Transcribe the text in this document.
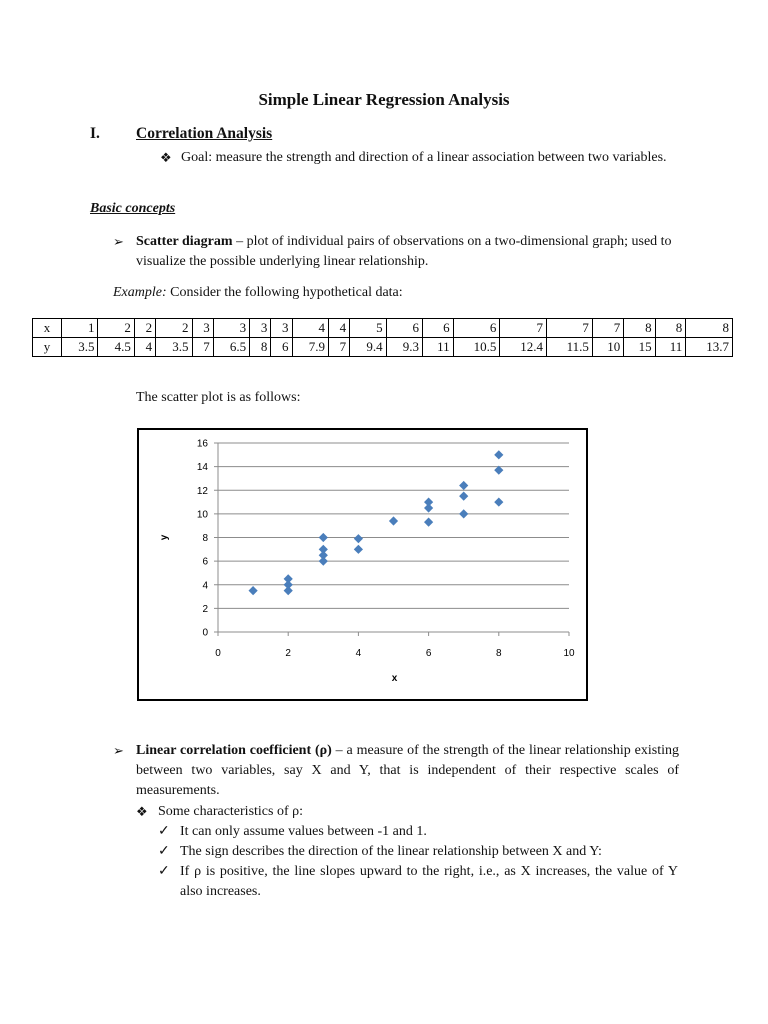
Simple Linear Regression Analysis
I. Correlation Analysis
❖ Goal: measure the strength and direction of a linear association between two variables.
Basic concepts
➢ Scatter diagram – plot of individual pairs of observations on a two-dimensional graph; used to visualize the possible underlying linear relationship.
Example: Consider the following hypothetical data:
x	1	2	2	2	3	3	3	3	4	4	5	6	6	6	7	7	7	8	8	8
y	3.5	4.5	4	3.5	7	6.5	8	6	7.9	7	9.4	9.3	11	10.5	12.4	11.5	10	15	11	13.7
The scatter plot is as follows:
0
2
4
6
8
10
12
14
16
0	2	4	6	8	10
x
y
➢ Linear correlation coefficient (ρ) – a measure of the strength of the linear relationship existing between two variables, say X and Y, that is independent of their respective scales of measurements.
❖ Some characteristics of ρ:
✓ It can only assume values between -1 and 1.
✓ The sign describes the direction of the linear relationship between X and Y:
✓ If ρ is positive, the line slopes upward to the right, i.e., as X increases, the value of Y also increases.
